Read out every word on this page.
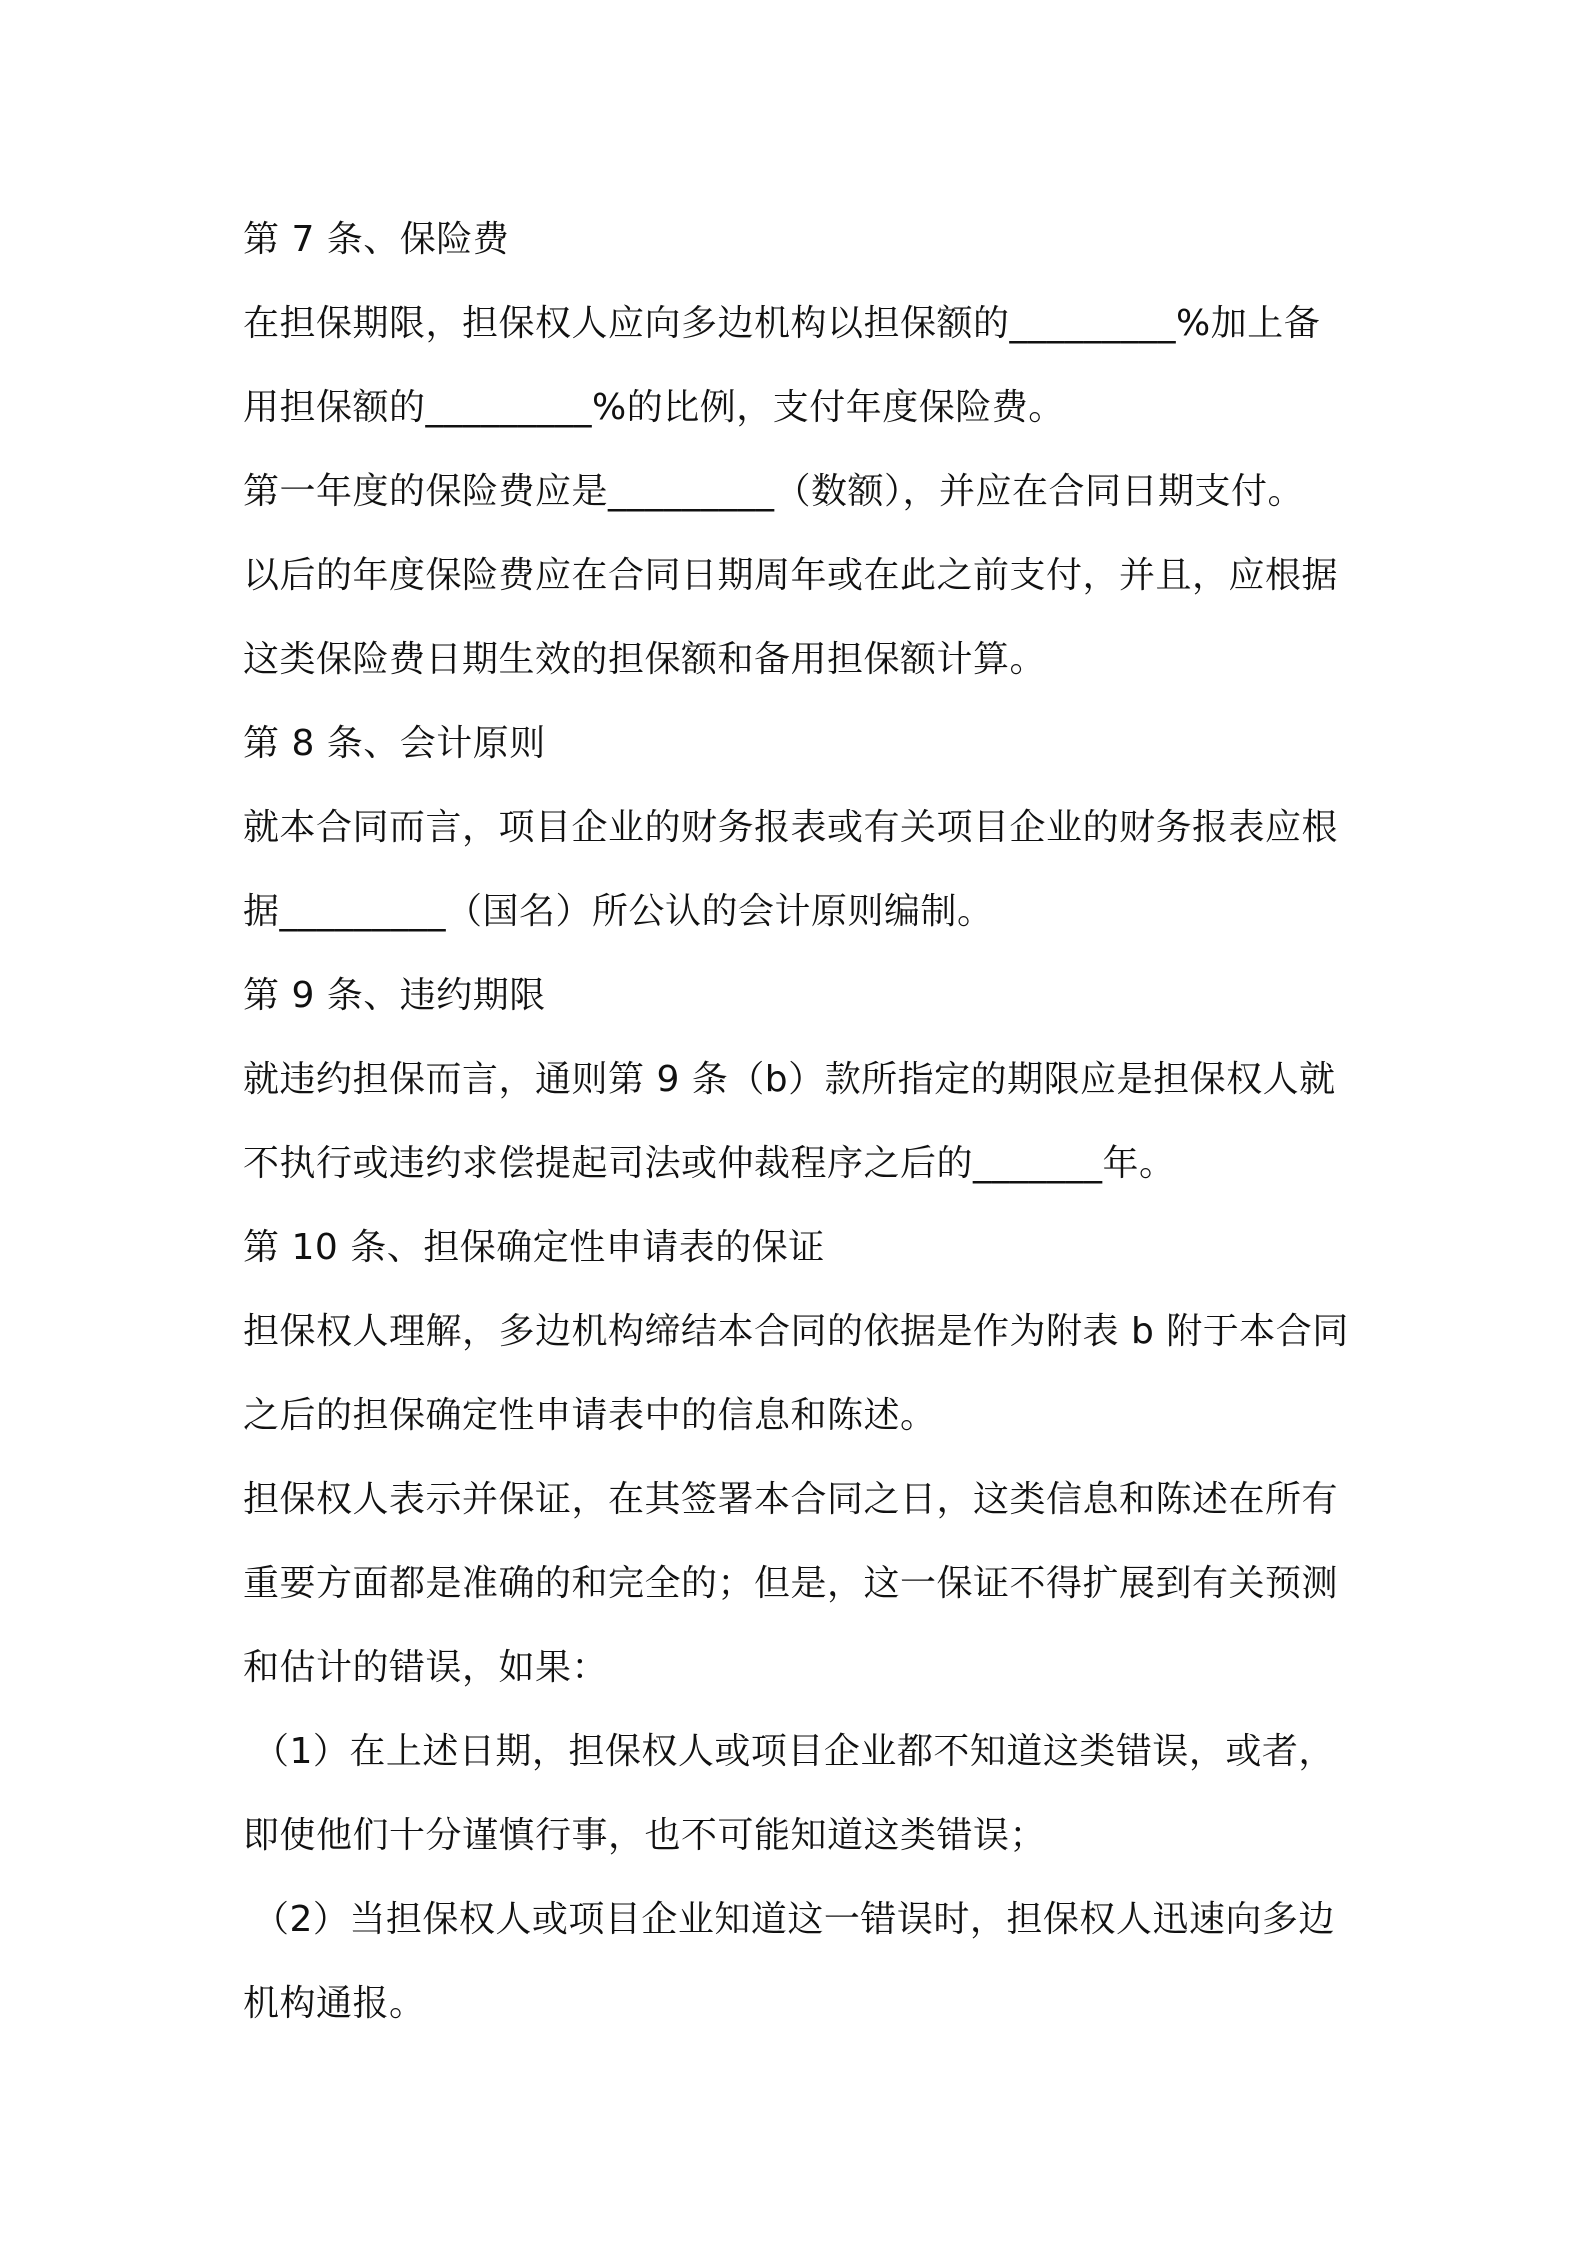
第 7 条、保险费
在担保期限，担保权人应向多边机构以担保额的_________%加上备
用担保额的_________%的比例，支付年度保险费。
第一年度的保险费应是_________（数额），并应在合同日期支付。
以后的年度保险费应在合同日期周年或在此之前支付，并且，应根据
这类保险费日期生效的担保额和备用担保额计算。
第 8 条、会计原则
就本合同而言，项目企业的财务报表或有关项目企业的财务报表应根
据_________（国名）所公认的会计原则编制。
第 9 条、违约期限
就违约担保而言，通则第 9 条（b）款所指定的期限应是担保权人就
不执行或违约求偿提起司法或仲裁程序之后的_______年。
第 10 条、担保确定性申请表的保证
担保权人理解，多边机构缔结本合同的依据是作为附表 b 附于本合同
之后的担保确定性申请表中的信息和陈述。
担保权人表示并保证，在其签署本合同之日，这类信息和陈述在所有
重要方面都是准确的和完全的；但是，这一保证不得扩展到有关预测
和估计的错误，如果：
（1）在上述日期，担保权人或项目企业都不知道这类错误，或者，
即使他们十分谨慎行事，也不可能知道这类错误；
（2）当担保权人或项目企业知道这一错误时，担保权人迅速向多边
机构通报。
